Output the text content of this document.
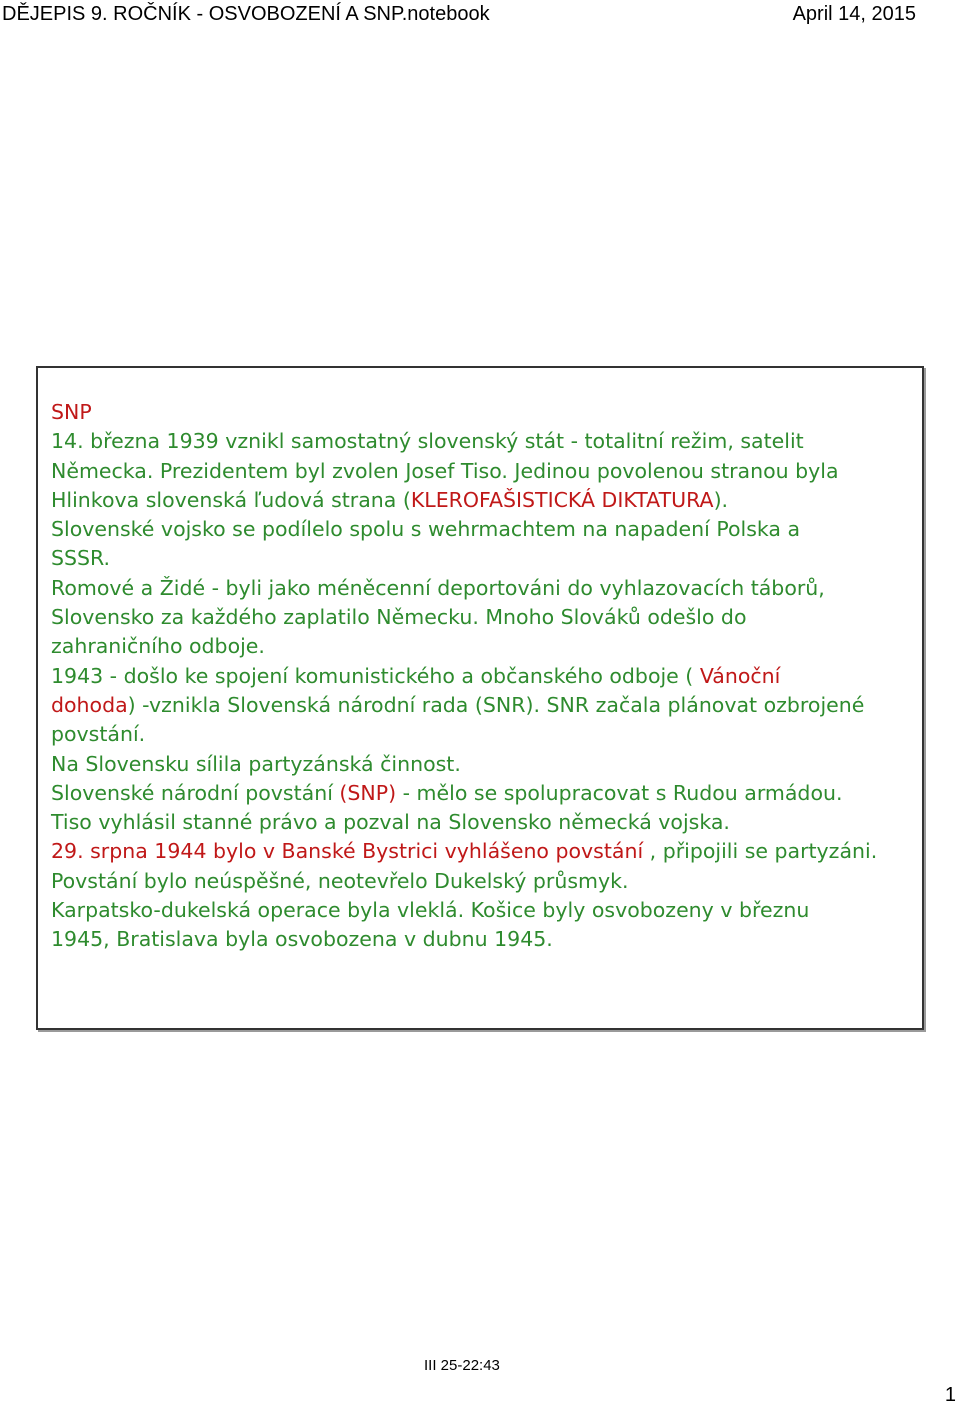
DĚJEPIS 9. ROČNÍK - OSVOBOZENÍ A SNP.notebook	April 14, 2015
SNP
14. března 1939 vznikl samostatný slovenský stát - totalitní režim, satelit
Německa. Prezidentem byl zvolen Josef Tiso. Jedinou povolenou stranou byla
Hlinkova slovenská ľudová strana (KLEROFAŠISTICKÁ DIKTATURA).
Slovenské vojsko se podílelo spolu s wehrmachtem na napadení Polska a
SSSR.
Romové a Židé - byli jako méněcenní deportováni do vyhlazovacích táborů,
Slovensko za každého zaplatilo Německu. Mnoho Slováků odešlo do
zahraničního odboje.
1943 - došlo ke spojení komunistického a občanského odboje ( Vánoční
dohoda) -vznikla Slovenská národní rada (SNR). SNR začala plánovat ozbrojené
povstání.
Na Slovensku sílila partyzánská činnost.
Slovenské národní povstání (SNP) - mělo se spolupracovat s Rudou armádou.
Tiso vyhlásil stanné právo a pozval na Slovensko německá vojska.
29. srpna 1944 bylo v Banské Bystrici vyhlášeno povstání , připojili se partyzáni.
Povstání bylo neúspěšné, neotevřelo Dukelský průsmyk.
Karpatsko-dukelská operace byla vleklá. Košice byly osvobozeny v březnu
1945, Bratislava byla osvobozena v dubnu 1945.
III 25-22:43
1
